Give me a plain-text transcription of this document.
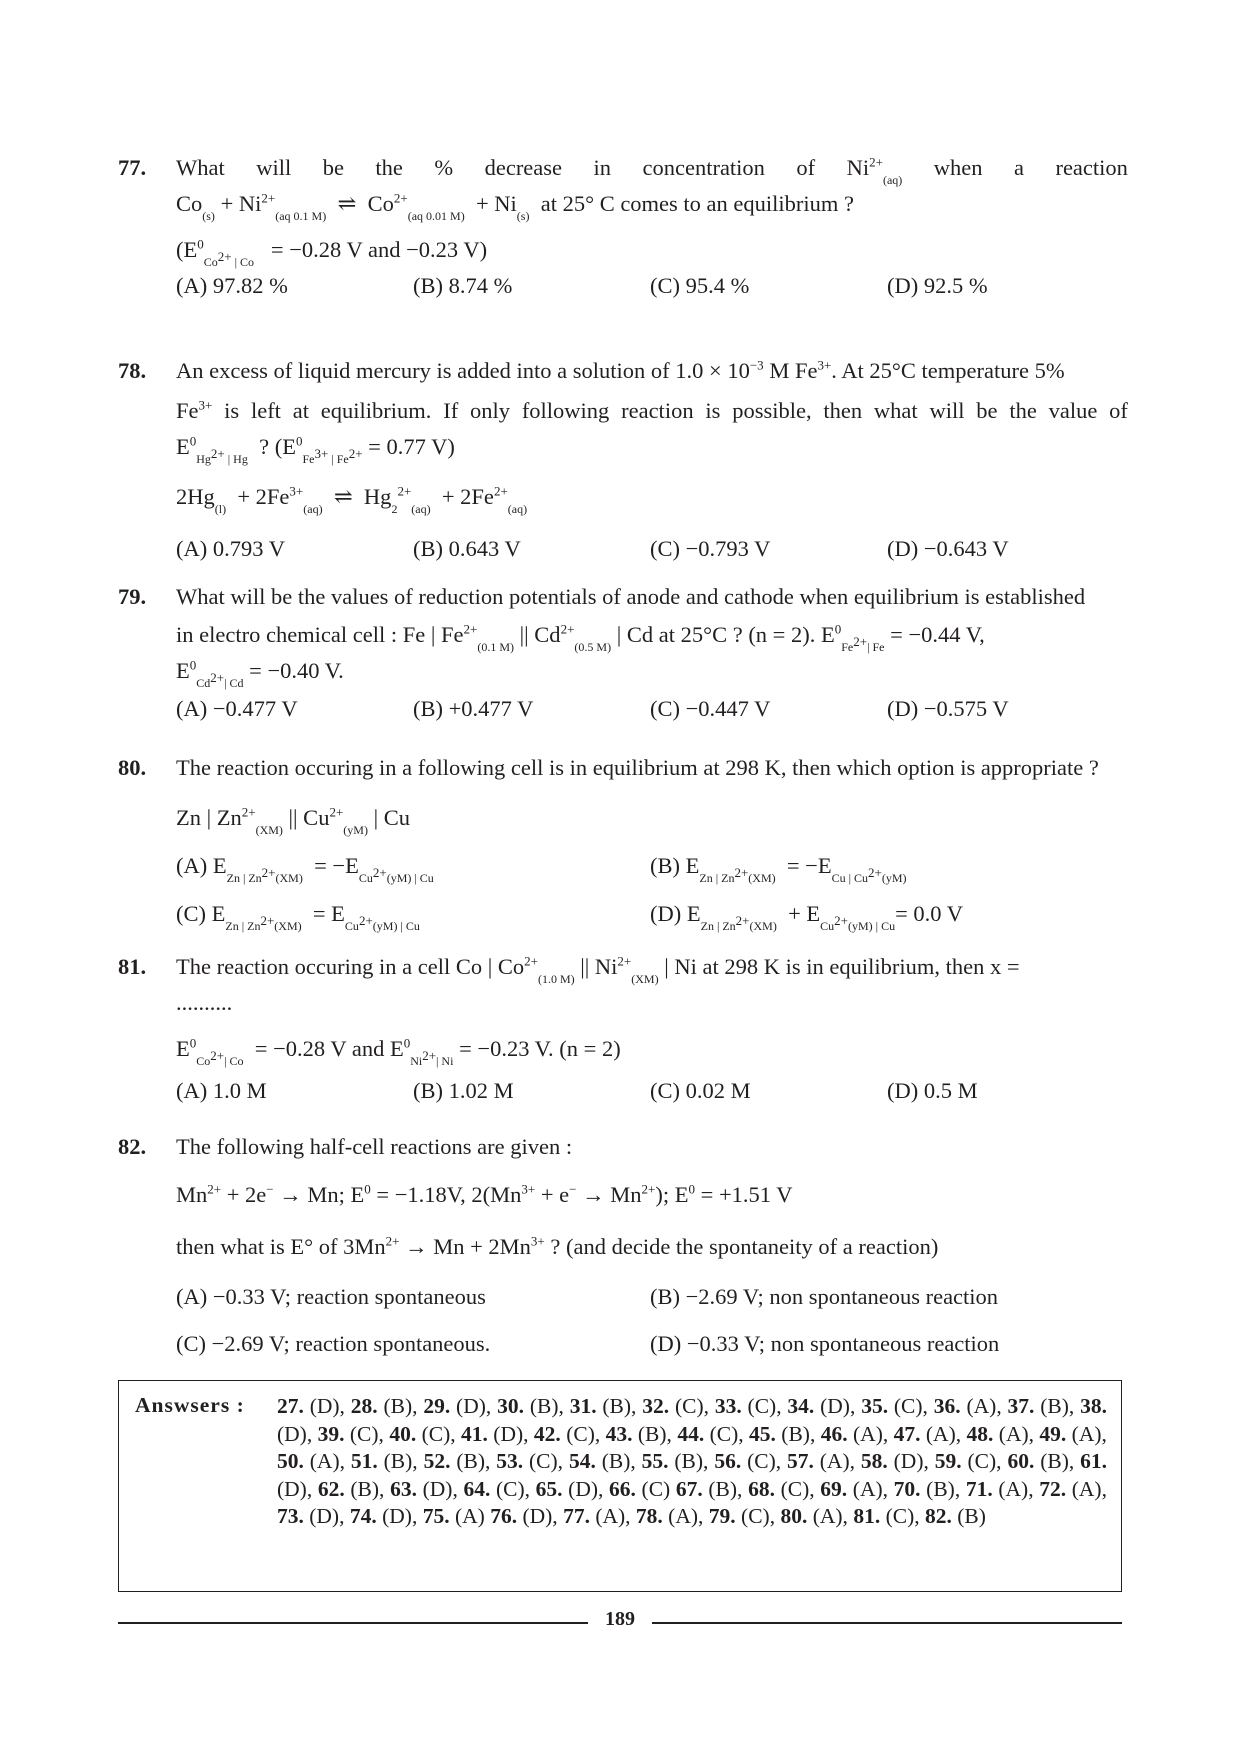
77. What will be the % decrease in concentration of $Ni^{2+}_{(aq)}$ when a reaction
$Co_{(s)} + Ni^{2+}_{(aq 0.1 M)}$  ⇌  $Co^{2+}_{(aq 0.01 M)} + Ni_{(s)}$  at 25° C comes to an equilibrium ?
($E^0_{Co^{2+} | Co} = -0.28$ V and −0.23 V)
(A) 97.82 %	(B) 8.74 %	(C) 95.4 %	(D) 92.5 %
78. An excess of liquid mercury is added into a solution of $1.0 \times 10^{-3}$ M $Fe^{3+}$. At 25°C temperature 5%
$Fe^{3+}$ is left at equilibrium. If only following reaction is possible, then what will be the value of
$E^0_{Hg^{2+} | Hg}$  ? ($E^0_{Fe^{3+} | Fe^{2+}} = 0.77$ V)
$2Hg_{(l)} + 2Fe^{3+}_{(aq)}$  ⇌  $Hg_2^{2+}_{(aq)} + 2Fe^{2+}_{(aq)}$
(A) 0.793 V	(B) 0.643 V	(C) −0.793 V	(D) −0.643 V
79. What will be the values of reduction potentials of anode and cathode when equilibrium is established
in electro chemical cell : Fe | $Fe^{2+}_{(0.1 M)}$ || $Cd^{2+}_{(0.5 M)}$ | Cd at 25°C ? (n = 2). $E^0_{Fe^{2+}| Fe} = -0.44$ V,
$E^0_{Cd^{2+}| Cd} = -0.40$ V.
(A) −0.477 V	(B) +0.477 V	(C) −0.447 V	(D) −0.575 V
80. The reaction occuring in a following cell is in equilibrium at 298 K, then which option is appropriate ?
Zn | $Zn^{2+}_{(XM)}$ || $Cu^{2+}_{(yM)}$ | Cu
(A) $E_{Zn | Zn^{2+}(XM)} = -E_{Cu^{2+}(yM) | Cu}$	(B) $E_{Zn | Zn^{2+}(XM)} = -E_{Cu | Cu^{2+}(yM)}$
(C) $E_{Zn | Zn^{2+}(XM)} = E_{Cu^{2+}(yM) | Cu}$	(D) $E_{Zn | Zn^{2+}(XM)} + E_{Cu^{2+}(yM) | Cu}= 0.0$ V
81. The reaction occuring in a cell Co | $Co^{2+}_{(1.0 M)}$ || $Ni^{2+}_{(XM)}$ | Ni at 298 K is in equilibrium, then x =
..........
$E^0_{Co^{2+}| Co} = -0.28$ V and $E^0_{Ni^{2+}| Ni} = -0.23$ V. (n = 2)
(A) 1.0 M	(B) 1.02 M	(C) 0.02 M	(D) 0.5 M
82. The following half-cell reactions are given :
$Mn^{2+} + 2e^- \to Mn$; $E^0 = -1.18V$, $2(Mn^{3+} + e^- \to Mn^{2+})$; $E^0 = +1.51$ V
then what is E° of $3Mn^{2+} \to Mn + 2Mn^{3+}$ ? (and decide the spontaneity of a reaction)
(A) −0.33 V; reaction spontaneous	(B) −2.69 V; non spontaneous reaction
(C) −2.69 V; reaction spontaneous.	(D) −0.33 V; non spontaneous reaction
Answsers : 27. (D), 28. (B), 29. (D), 30. (B), 31. (B), 32. (C), 33. (C), 34. (D), 35. (C), 36. (A), 37. (B), 38. (D), 39. (C), 40. (C), 41. (D), 42. (C), 43. (B), 44. (C), 45. (B), 46. (A), 47. (A), 48. (A), 49. (A), 50. (A), 51. (B), 52. (B), 53. (C), 54. (B), 55. (B), 56. (C), 57. (A), 58. (D), 59. (C), 60. (B), 61. (D), 62. (B), 63. (D), 64. (C), 65. (D), 66. (C) 67. (B), 68. (C), 69. (A), 70. (B), 71. (A), 72. (A), 73. (D), 74. (D), 75. (A) 76. (D), 77. (A), 78. (A), 79. (C), 80. (A), 81. (C), 82. (B)
189
